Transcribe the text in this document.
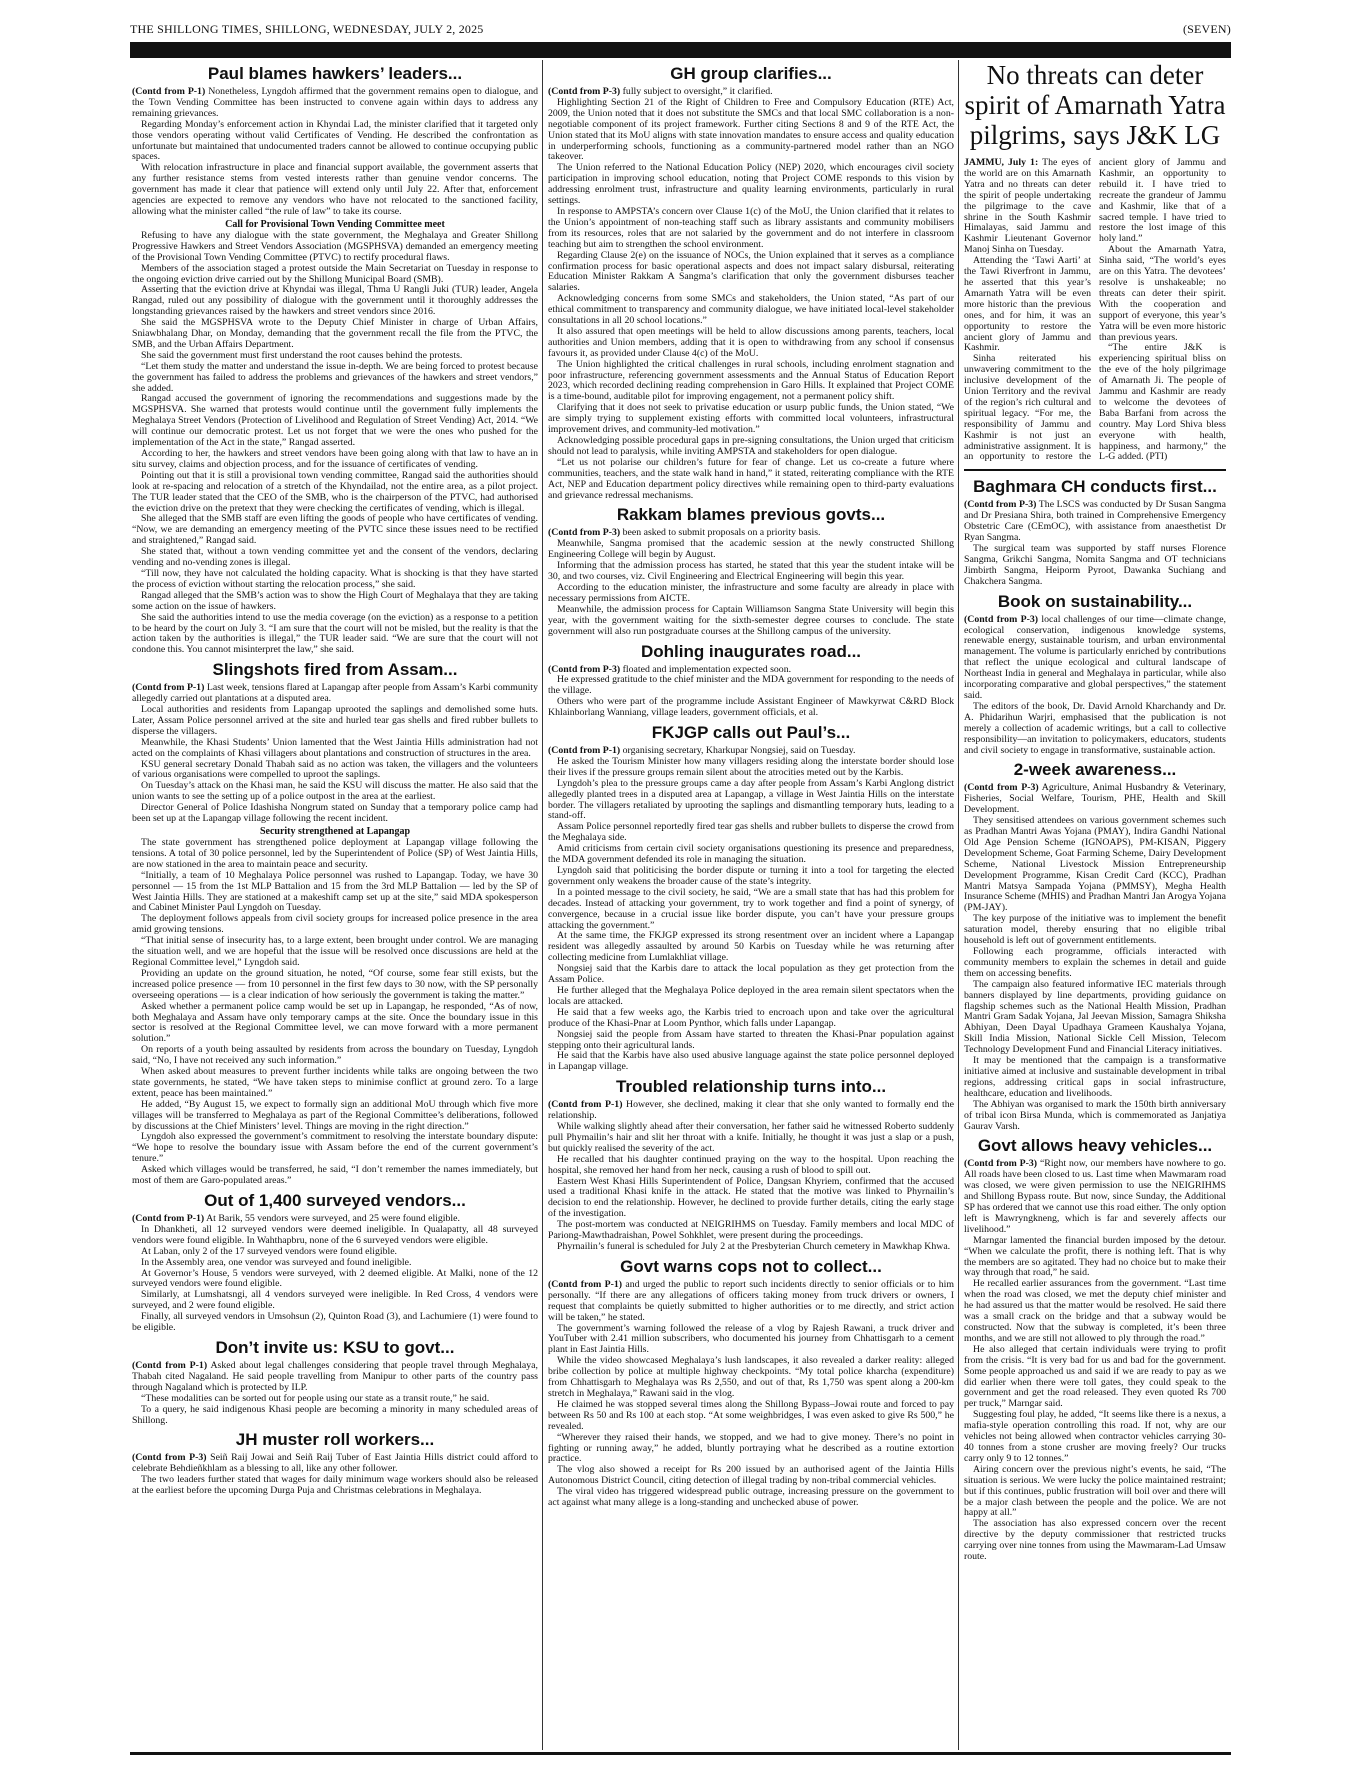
THE SHILLONG TIMES, SHILLONG, WEDNESDAY, JULY 2, 2025	(SEVEN)
Paul blames hawkers’ leaders...

(Contd from P-1) Nonetheless, Lyngdoh affirmed that the government remains open to dialogue, and the Town Vending Committee has been instructed to convene again within days to address any remaining grievances.

Regarding Monday’s enforcement action in Khyndai Lad, the minister clarified that it targeted only those vendors operating without valid Certificates of Vending. He described the confrontation as unfortunate but maintained that undocumented traders cannot be allowed to continue occupying public spaces.

With relocation infrastructure in place and financial support available, the government asserts that any further resistance stems from vested interests rather than genuine vendor concerns. The government has made it clear that patience will extend only until July 22. After that, enforcement agencies are expected to remove any vendors who have not relocated to the sanctioned facility, allowing what the minister called “the rule of law” to take its course.

Call for Provisional Town Vending Committee meet

Refusing to have any dialogue with the state government, the Meghalaya and Greater Shillong Progressive Hawkers and Street Vendors Association (MGSPHSVA) demanded an emergency meeting of the Provisional Town Vending Committee (PTVC) to rectify procedural flaws.

Members of the association staged a protest outside the Main Secretariat on Tuesday in response to the ongoing eviction drive carried out by the Shillong Municipal Board (SMB).

Asserting that the eviction drive at Khyndai was illegal, Thma U Rangli Juki (TUR) leader, Angela Rangad, ruled out any possibility of dialogue with the government until it thoroughly addresses the longstanding grievances raised by the hawkers and street vendors since 2016.

She said the MGSPHSVA wrote to the Deputy Chief Minister in charge of Urban Affairs, Sniawbhalang Dhar, on Monday, demanding that the government recall the file from the PTVC, the SMB, and the Urban Affairs Department.

She said the government must first understand the root causes behind the protests.

“Let them study the matter and understand the issue in-depth. We are being forced to protest because the government has failed to address the problems and grievances of the hawkers and street vendors,” she added.

Rangad accused the government of ignoring the recommendations and suggestions made by the MGSPHSVA. She warned that protests would continue until the government fully implements the Meghalaya Street Vendors (Protection of Livelihood and Regulation of Street Vending) Act, 2014. “We will continue our democratic protest. Let us not forget that we were the ones who pushed for the implementation of the Act in the state,” Rangad asserted.

According to her, the hawkers and street vendors have been going along with that law to have an in situ survey, claims and objection process, and for the issuance of certificates of vending.

Pointing out that it is still a provisional town vending committee, Rangad said the authorities should look at re-spacing and relocation of a stretch of the Khyndailad, not the entire area, as a pilot project. The TUR leader stated that the CEO of the SMB, who is the chairperson of the PTVC, had authorised the eviction drive on the pretext that they were checking the certificates of vending, which is illegal.

She alleged that the SMB staff are even lifting the goods of people who have certificates of vending. “Now, we are demanding an emergency meeting of the PVTC since these issues need to be rectified and straightened,” Rangad said.

She stated that, without a town vending committee yet and the consent of the vendors, declaring vending and no-vending zones is illegal.

“Till now, they have not calculated the holding capacity. What is shocking is that they have started the process of eviction without starting the relocation process,” she said.

Rangad alleged that the SMB’s action was to show the High Court of Meghalaya that they are taking some action on the issue of hawkers.

She said the authorities intend to use the media coverage (on the eviction) as a response to a petition to be heard by the court on July 3. “I am sure that the court will not be misled, but the reality is that the action taken by the authorities is illegal,” the TUR leader said. “We are sure that the court will not condone this. You cannot misinterpret the law,” she said.

Slingshots fired from Assam...

(Contd from P-1) Last week, tensions flared at Lapangap after people from Assam’s Karbi community allegedly carried out plantations at a disputed area.

Local authorities and residents from Lapangap uprooted the saplings and demolished some huts. Later, Assam Police personnel arrived at the site and hurled tear gas shells and fired rubber bullets to disperse the villagers.

Meanwhile, the Khasi Students’ Union lamented that the West Jaintia Hills administration had not acted on the complaints of Khasi villagers about plantations and construction of structures in the area.

KSU general secretary Donald Thabah said as no action was taken, the villagers and the volunteers of various organisations were compelled to uproot the saplings.

On Tuesday’s attack on the Khasi man, he said the KSU will discuss the matter. He also said that the union wants to see the setting up of a police outpost in the area at the earliest.

Director General of Police Idashisha Nongrum stated on Sunday that a temporary police camp had been set up at the Lapangap village following the recent incident.

Security strengthened at Lapangap

The state government has strengthened police deployment at Lapangap village following the tensions. A total of 30 police personnel, led by the Superintendent of Police (SP) of West Jaintia Hills, are now stationed in the area to maintain peace and security.

“Initially, a team of 10 Meghalaya Police personnel was rushed to Lapangap. Today, we have 30 personnel — 15 from the 1st MLP Battalion and 15 from the 3rd MLP Battalion — led by the SP of West Jaintia Hills. They are stationed at a makeshift camp set up at the site,” said MDA spokesperson and Cabinet Minister Paul Lyngdoh on Tuesday.

The deployment follows appeals from civil society groups for increased police presence in the area amid growing tensions.

“That initial sense of insecurity has, to a large extent, been brought under control. We are managing the situation well, and we are hopeful that the issue will be resolved once discussions are held at the Regional Committee level,” Lyngdoh said.

Providing an update on the ground situation, he noted, “Of course, some fear still exists, but the increased police presence — from 10 personnel in the first few days to 30 now, with the SP personally overseeing operations — is a clear indication of how seriously the government is taking the matter.”

Asked whether a permanent police camp would be set up in Lapangap, he responded, “As of now, both Meghalaya and Assam have only temporary camps at the site. Once the boundary issue in this sector is resolved at the Regional Committee level, we can move forward with a more permanent solution.”

On reports of a youth being assaulted by residents from across the boundary on Tuesday, Lyngdoh said, “No, I have not received any such information.”

When asked about measures to prevent further incidents while talks are ongoing between the two state governments, he stated, “We have taken steps to minimise conflict at ground zero. To a large extent, peace has been maintained.”

He added, “By August 15, we expect to formally sign an additional MoU through which five more villages will be transferred to Meghalaya as part of the Regional Committee’s deliberations, followed by discussions at the Chief Ministers’ level. Things are moving in the right direction.”

Lyngdoh also expressed the government’s commitment to resolving the interstate boundary dispute: “We hope to resolve the boundary issue with Assam before the end of the current government’s tenure.”

Asked which villages would be transferred, he said, “I don’t remember the names immediately, but most of them are Garo-populated areas.”

Out of 1,400 surveyed vendors...

(Contd from P-1) At Barik, 55 vendors were surveyed, and 25 were found eligible.

In Dhankheti, all 12 surveyed vendors were deemed ineligible. In Qualapatty, all 48 surveyed vendors were found eligible. In Wahthapbru, none of the 6 surveyed vendors were eligible.

At Laban, only 2 of the 17 surveyed vendors were found eligible.

In the Assembly area, one vendor was surveyed and found ineligible.

At Governor’s House, 5 vendors were surveyed, with 2 deemed eligible. At Malki, none of the 12 surveyed vendors were found eligible.

Similarly, at Lumshatsngi, all 4 vendors surveyed were ineligible. In Red Cross, 4 vendors were surveyed, and 2 were found eligible.

Finally, all surveyed vendors in Umsohsun (2), Quinton Road (3), and Lachumiere (1) were found to be eligible.

Don’t invite us: KSU to govt...

(Contd from P-1) Asked about legal challenges considering that people travel through Meghalaya, Thabah cited Nagaland. He said people travelling from Manipur to other parts of the country pass through Nagaland which is protected by ILP.

“These modalities can be sorted out for people using our state as a transit route,” he said.

To a query, he said indigenous Khasi people are becoming a minority in many scheduled areas of Shillong.

JH muster roll workers...

(Contd from P-3) Seiñ Raij Jowai and Seiñ Raij Tuber of East Jaintia Hills district could afford to celebrate Behdieñkhlam as a blessing to all, like any other follower.

The two leaders further stated that wages for daily minimum wage workers should also be released at the earliest before the upcoming Durga Puja and Christmas celebrations in Meghalaya.

GH group clarifies...

(Contd from P-3) fully subject to oversight,” it clarified.

Highlighting Section 21 of the Right of Children to Free and Compulsory Education (RTE) Act, 2009, the Union noted that it does not substitute the SMCs and that local SMC collaboration is a non-negotiable component of its project framework. Further citing Sections 8 and 9 of the RTE Act, the Union stated that its MoU aligns with state innovation mandates to ensure access and quality education in underperforming schools, functioning as a community-partnered model rather than an NGO takeover.

The Union referred to the National Education Policy (NEP) 2020, which encourages civil society participation in improving school education, noting that Project COME responds to this vision by addressing enrolment trust, infrastructure and quality learning environments, particularly in rural settings.

In response to AMPSTA’s concern over Clause 1(c) of the MoU, the Union clarified that it relates to the Union’s appointment of non-teaching staff such as library assistants and community mobilisers from its resources, roles that are not salaried by the government and do not interfere in classroom teaching but aim to strengthen the school environment.

Regarding Clause 2(e) on the issuance of NOCs, the Union explained that it serves as a compliance confirmation process for basic operational aspects and does not impact salary disbursal, reiterating Education Minister Rakkam A Sangma’s clarification that only the government disburses teacher salaries.

Acknowledging concerns from some SMCs and stakeholders, the Union stated, “As part of our ethical commitment to transparency and community dialogue, we have initiated local-level stakeholder consultations in all 20 school locations.”

It also assured that open meetings will be held to allow discussions among parents, teachers, local authorities and Union members, adding that it is open to withdrawing from any school if consensus favours it, as provided under Clause 4(c) of the MoU.

The Union highlighted the critical challenges in rural schools, including enrolment stagnation and poor infrastructure, referencing government assessments and the Annual Status of Education Report 2023, which recorded declining reading comprehension in Garo Hills. It explained that Project COME is a time-bound, auditable pilot for improving engagement, not a permanent policy shift.

Clarifying that it does not seek to privatise education or usurp public funds, the Union stated, “We are simply trying to supplement existing efforts with committed local volunteers, infrastructural improvement drives, and community-led motivation.”

Acknowledging possible procedural gaps in pre-signing consultations, the Union urged that criticism should not lead to paralysis, while inviting AMPSTA and stakeholders for open dialogue.

“Let us not polarise our children’s future for fear of change. Let us co-create a future where communities, teachers, and the state walk hand in hand,” it stated, reiterating compliance with the RTE Act, NEP and Education department policy directives while remaining open to third-party evaluations and grievance redressal mechanisms.

Rakkam blames previous govts...

(Contd from P-3) been asked to submit proposals on a priority basis.

Meanwhile, Sangma promised that the academic session at the newly constructed Shillong Engineering College will begin by August.

Informing that the admission process has started, he stated that this year the student intake will be 30, and two courses, viz. Civil Engineering and Electrical Engineering will begin this year.

According to the education minister, the infrastructure and some faculty are already in place with necessary permissions from AICTE.

Meanwhile, the admission process for Captain Williamson Sangma State University will begin this year, with the government waiting for the sixth-semester degree courses to conclude. The state government will also run postgraduate courses at the Shillong campus of the university.

Dohling inaugurates road...

(Contd from P-3) floated and implementation expected soon.

He expressed gratitude to the chief minister and the MDA government for responding to the needs of the village.

Others who were part of the programme include Assistant Engineer of Mawkyrwat C&RD Block Khlainborlang Wanniang, village leaders, government officials, et al.

FKJGP calls out Paul’s...

(Contd from P-1) organising secretary, Kharkupar Nongsiej, said on Tuesday.

He asked the Tourism Minister how many villagers residing along the interstate border should lose their lives if the pressure groups remain silent about the atrocities meted out by the Karbis.

Lyngdoh’s plea to the pressure groups came a day after people from Assam’s Karbi Anglong district allegedly planted trees in a disputed area at Lapangap, a village in West Jaintia Hills on the interstate border. The villagers retaliated by uprooting the saplings and dismantling temporary huts, leading to a stand-off.

Assam Police personnel reportedly fired tear gas shells and rubber bullets to disperse the crowd from the Meghalaya side.

Amid criticisms from certain civil society organisations questioning its presence and preparedness, the MDA government defended its role in managing the situation.

Lyngdoh said that politicising the border dispute or turning it into a tool for targeting the elected government only weakens the broader cause of the state’s integrity.

In a pointed message to the civil society, he said, “We are a small state that has had this problem for decades. Instead of attacking your government, try to work together and find a point of synergy, of convergence, because in a crucial issue like border dispute, you can’t have your pressure groups attacking the government.”

At the same time, the FKJGP expressed its strong resentment over an incident where a Lapangap resident was allegedly assaulted by around 50 Karbis on Tuesday while he was returning after collecting medicine from Lumlakhliat village.

Nongsiej said that the Karbis dare to attack the local population as they get protection from the Assam Police.

He further alleged that the Meghalaya Police deployed in the area remain silent spectators when the locals are attacked.

He said that a few weeks ago, the Karbis tried to encroach upon and take over the agricultural produce of the Khasi-Pnar at Loom Pynthor, which falls under Lapangap.

Nongsiej said the people from Assam have started to threaten the Khasi-Pnar population against stepping onto their agricultural lands.

He said that the Karbis have also used abusive language against the state police personnel deployed in Lapangap village.

Troubled relationship turns into...

(Contd from P-1) However, she declined, making it clear that she only wanted to formally end the relationship.

While walking slightly ahead after their conversation, her father said he witnessed Roberto suddenly pull Phymailin’s hair and slit her throat with a knife. Initially, he thought it was just a slap or a push, but quickly realised the severity of the act.

He recalled that his daughter continued praying on the way to the hospital. Upon reaching the hospital, she removed her hand from her neck, causing a rush of blood to spill out.

Eastern West Khasi Hills Superintendent of Police, Dangsan Khyriem, confirmed that the accused used a traditional Khasi knife in the attack. He stated that the motive was linked to Phyrnailin’s decision to end the relationship. However, he declined to provide further details, citing the early stage of the investigation.

The post-mortem was conducted at NEIGRIHMS on Tuesday. Family members and local MDC of Pariong-Mawthadraishan, Powel Sohkhlet, were present during the proceedings.

Phyrnailin’s funeral is scheduled for July 2 at the Presbyterian Church cemetery in Mawkhap Khwa.

Govt warns cops not to collect...

(Contd from P-1) and urged the public to report such incidents directly to senior officials or to him personally. “If there are any allegations of officers taking money from truck drivers or owners, I request that complaints be quietly submitted to higher authorities or to me directly, and strict action will be taken,” he stated.

The government’s warning followed the release of a vlog by Rajesh Rawani, a truck driver and YouTuber with 2.41 million subscribers, who documented his journey from Chhattisgarh to a cement plant in East Jaintia Hills.

While the video showcased Meghalaya’s lush landscapes, it also revealed a darker reality: alleged bribe collection by police at multiple highway checkpoints. “My total police kharcha (expenditure) from Chhattisgarh to Meghalaya was Rs 2,550, and out of that, Rs 1,750 was spent along a 200-km stretch in Meghalaya,” Rawani said in the vlog.

He claimed he was stopped several times along the Shillong Bypass–Jowai route and forced to pay between Rs 50 and Rs 100 at each stop. “At some weighbridges, I was even asked to give Rs 500,” he revealed.

“Wherever they raised their hands, we stopped, and we had to give money. There’s no point in fighting or running away,” he added, bluntly portraying what he described as a routine extortion practice.

The vlog also showed a receipt for Rs 200 issued by an authorised agent of the Jaintia Hills Autonomous District Council, citing detection of illegal trading by non-tribal commercial vehicles.

The viral video has triggered widespread public outrage, increasing pressure on the government to act against what many allege is a long-standing and unchecked abuse of power.

No threats can deter spirit of Amarnath Yatra pilgrims, says J&K LG

JAMMU, July 1: The eyes of the world are on this Amarnath Yatra and no threats can deter the spirit of people undertaking the pilgrimage to the cave shrine in the South Kashmir Himalayas, said Jammu and Kashmir Lieutenant Governor Manoj Sinha on Tuesday.

Attending the ‘Tawi Aarti’ at the Tawi Riverfront in Jammu, he asserted that this year’s Amarnath Yatra will be even more historic than the previous ones, and for him, it was an opportunity to restore the ancient glory of Jammu and Kashmir.

Sinha reiterated his unwavering commitment to the inclusive development of the Union Territory and the revival of the region’s rich cultural and spiritual legacy. “For me, the responsibility of Jammu and Kashmir is not just an administrative assignment. It is an opportunity to restore the ancient glory of Jammu and Kashmir, an opportunity to rebuild it. I have tried to recreate the grandeur of Jammu and Kashmir, like that of a sacred temple. I have tried to restore the lost image of this holy land.”

About the Amarnath Yatra, Sinha said, “The world’s eyes are on this Yatra. The devotees’ resolve is unshakeable; no threats can deter their spirit. With the cooperation and support of everyone, this year’s Yatra will be even more historic than previous years.

“The entire J&K is experiencing spiritual bliss on the eve of the holy pilgrimage of Amarnath Ji. The people of Jammu and Kashmir are ready to welcome the devotees of Baba Barfani from across the country. May Lord Shiva bless everyone with health, happiness, and harmony,” the L-G added. (PTI)

Baghmara CH conducts first...

(Contd from P-3) The LSCS was conducted by Dr Susan Sangma and Dr Presiana Shira, both trained in Comprehensive Emergency Obstetric Care (CEmOC), with assistance from anaesthetist Dr Ryan Sangma.

The surgical team was supported by staff nurses Florence Sangma, Grikchi Sangma, Nomita Sangma and OT technicians Jimbirth Sangma, Heiporm Pyroot, Dawanka Suchiang and Chakchera Sangma.

Book on sustainability...

(Contd from P-3) local challenges of our time—climate change, ecological conservation, indigenous knowledge systems, renewable energy, sustainable tourism, and urban environmental management. The volume is particularly enriched by contributions that reflect the unique ecological and cultural landscape of Northeast India in general and Meghalaya in particular, while also incorporating comparative and global perspectives,” the statement said.

The editors of the book, Dr. David Arnold Kharchandy and Dr. A. Phidarihun Warjri, emphasised that the publication is not merely a collection of academic writings, but a call to collective responsibility—an invitation to policymakers, educators, students and civil society to engage in transformative, sustainable action.

2-week awareness...

(Contd from P-3) Agriculture, Animal Husbandry & Veterinary, Fisheries, Social Welfare, Tourism, PHE, Health and Skill Development.

They sensitised attendees on various government schemes such as Pradhan Mantri Awas Yojana (PMAY), Indira Gandhi National Old Age Pension Scheme (IGNOAPS), PM-KISAN, Piggery Development Scheme, Goat Farming Scheme, Dairy Development Scheme, National Livestock Mission Entrepreneurship Development Programme, Kisan Credit Card (KCC), Pradhan Mantri Matsya Sampada Yojana (PMMSY), Megha Health Insurance Scheme (MHIS) and Pradhan Mantri Jan Arogya Yojana (PM-JAY).

The key purpose of the initiative was to implement the benefit saturation model, thereby ensuring that no eligible tribal household is left out of government entitlements.

Following each programme, officials interacted with community members to explain the schemes in detail and guide them on accessing benefits.

The campaign also featured informative IEC materials through banners displayed by line departments, providing guidance on flagship schemes such as the National Health Mission, Pradhan Mantri Gram Sadak Yojana, Jal Jeevan Mission, Samagra Shiksha Abhiyan, Deen Dayal Upadhaya Grameen Kaushalya Yojana, Skill India Mission, National Sickle Cell Mission, Telecom Technology Development Fund and Financial Literacy initiatives.

It may be mentioned that the campaign is a transformative initiative aimed at inclusive and sustainable development in tribal regions, addressing critical gaps in social infrastructure, healthcare, education and livelihoods.

The Abhiyan was organised to mark the 150th birth anniversary of tribal icon Birsa Munda, which is commemorated as Janjatiya Gaurav Varsh.

Govt allows heavy vehicles...

(Contd from P-3) “Right now, our members have nowhere to go. All roads have been closed to us. Last time when Mawmaram road was closed, we were given permission to use the NEIGRIHMS and Shillong Bypass route. But now, since Sunday, the Additional SP has ordered that we cannot use this road either. The only option left is Mawryngkneng, which is far and severely affects our livelihood.”

Marngar lamented the financial burden imposed by the detour. “When we calculate the profit, there is nothing left. That is why the members are so agitated. They had no choice but to make their way through that road,” he said.

He recalled earlier assurances from the government. “Last time when the road was closed, we met the deputy chief minister and he had assured us that the matter would be resolved. He said there was a small crack on the bridge and that a subway would be constructed. Now that the subway is completed, it’s been three months, and we are still not allowed to ply through the road.”

He also alleged that certain individuals were trying to profit from the crisis. “It is very bad for us and bad for the government. Some people approached us and said if we are ready to pay as we did earlier when there were toll gates, they could speak to the government and get the road released. They even quoted Rs 700 per truck,” Marngar said.

Suggesting foul play, he added, “It seems like there is a nexus, a mafia-style operation controlling this road. If not, why are our vehicles not being allowed when contractor vehicles carrying 30-40 tonnes from a stone crusher are moving freely? Our trucks carry only 9 to 12 tonnes.”

Airing concern over the previous night’s events, he said, “The situation is serious. We were lucky the police maintained restraint; but if this continues, public frustration will boil over and there will be a major clash between the people and the police. We are not happy at all.”

The association has also expressed concern over the recent directive by the deputy commissioner that restricted trucks carrying over nine tonnes from using the Mawmaram-Lad Umsaw route.
